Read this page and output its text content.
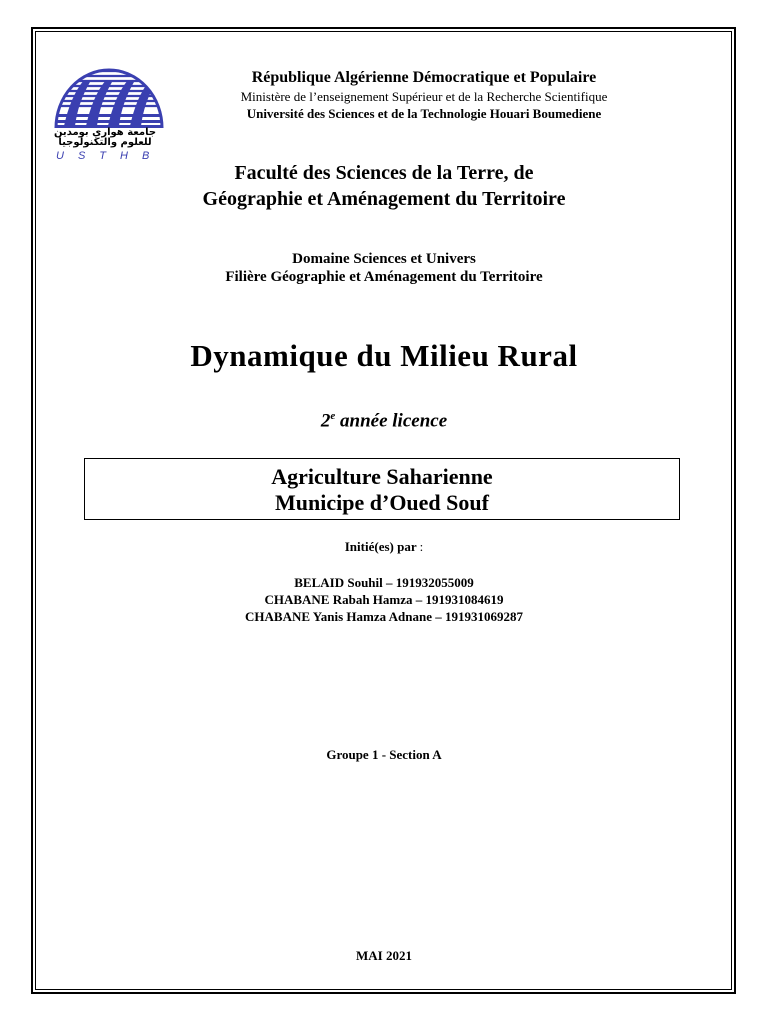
جامعة هواري بومدين
للعلوم والتكنولوجيا
USTHB
République Algérienne Démocratique et Populaire
Ministère de l’enseignement Supérieur et de la Recherche Scientifique
Université des Sciences et de la Technologie Houari Boumediene
Faculté des Sciences de la Terre, de
Géographie et Aménagement du Territoire
Domaine Sciences et Univers
Filière Géographie et Aménagement du Territoire
Dynamique du Milieu Rural
2e année licence
Agriculture Saharienne
Municipe d’Oued Souf
Initié(es) par :
BELAID Souhil – 191932055009
CHABANE Rabah Hamza – 191931084619
CHABANE Yanis Hamza Adnane – 191931069287
Groupe 1 - Section A
MAI 2021
